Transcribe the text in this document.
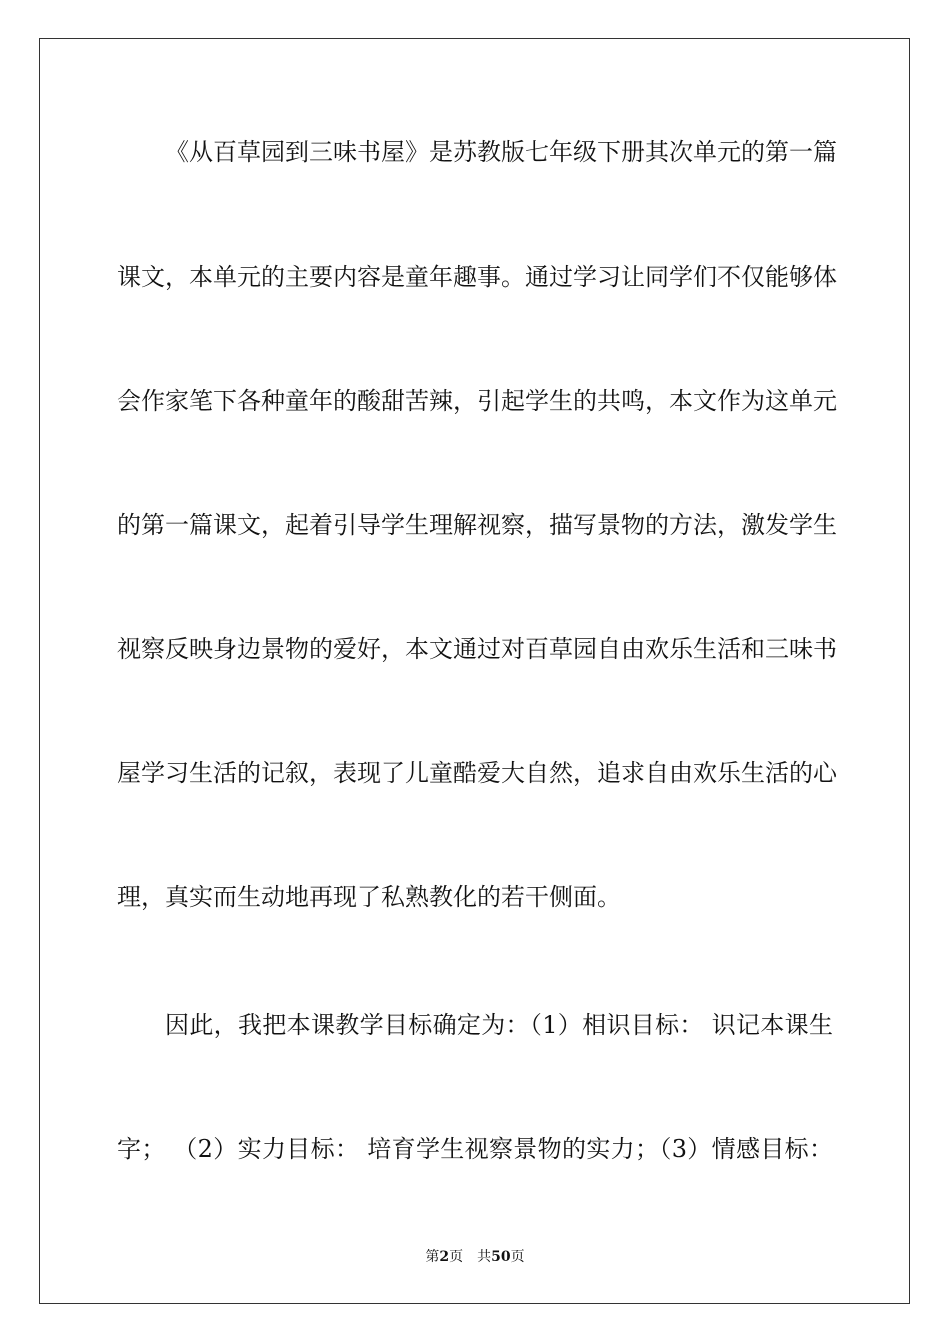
《从百草园到三味书屋》是苏教版七年级下册其次单元的第一篇
课文，本单元的主要内容是童年趣事。通过学习让同学们不仅能够体
会作家笔下各种童年的酸甜苦辣，引起学生的共鸣，本文作为这单元
的第一篇课文，起着引导学生理解视察，描写景物的方法，激发学生
视察反映身边景物的爱好，本文通过对百草园自由欢乐生活和三味书
屋学习生活的记叙，表现了儿童酷爱大自然，追求自由欢乐生活的心
理，真实而生动地再现了私熟教化的若干侧面。
因此，我把本课教学目标确定为：（1）相识目标： 识记本课生
字； （2）实力目标： 培育学生视察景物的实力；（3）情感目标：
第2页 共50页
